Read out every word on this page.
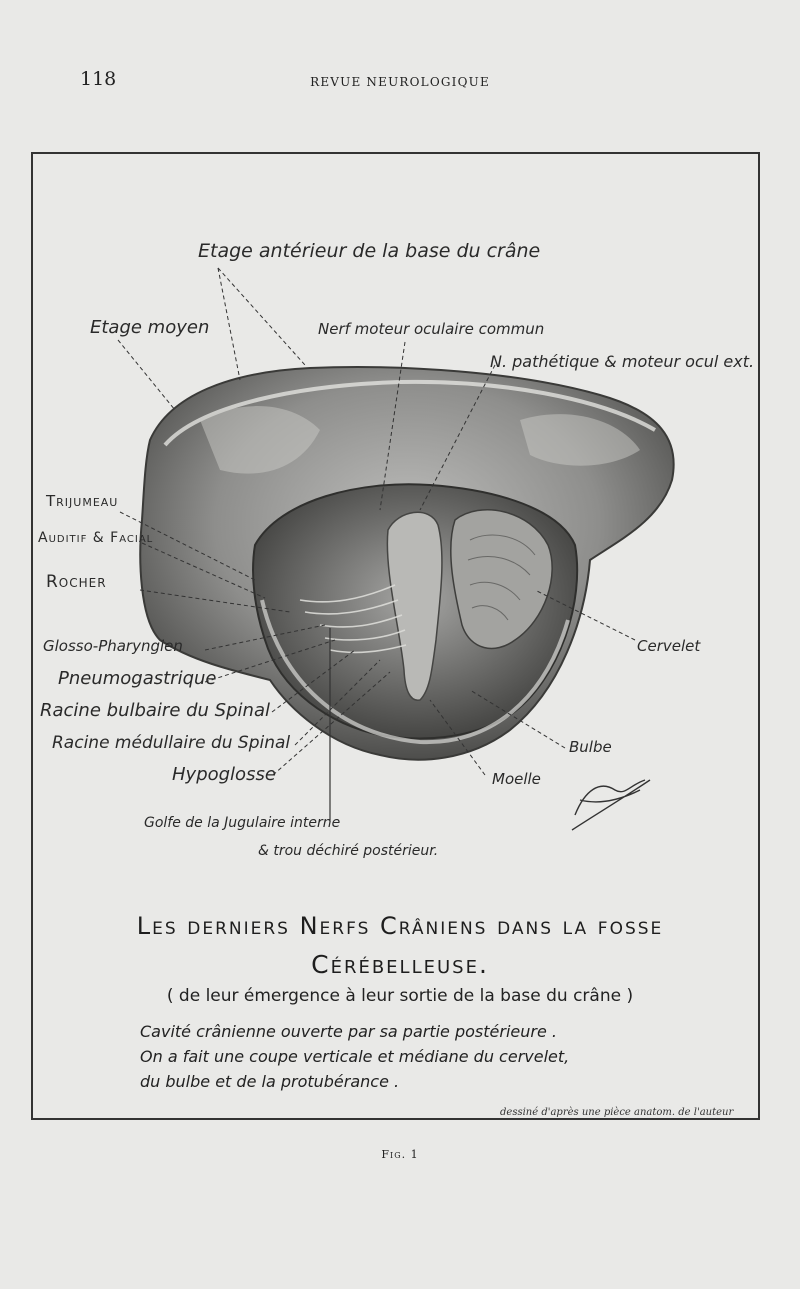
118	REVUE NEUROLOGIQUE
Etage antérieur de la base du crâne
Etage moyen	Nerf moteur oculaire commun
N. pathétique & moteur ocul ext.
Trijumeau
Auditif & Facial
Rocher
Glosso-Pharyngien
Pneumogastrique
Racine bulbaire du Spinal
Racine médullaire du Spinal
Hypoglosse
Golfe de la Jugulaire interne
& trou déchiré postérieur.
Cervelet
Bulbe
Moelle
Les derniers Nerfs Crâniens dans la fosse
Cérébelleuse.
( de leur émergence à leur sortie de la base du crâne )
Cavité crânienne ouverte par sa partie postérieure .
On a fait une coupe verticale et médiane du cervelet,
du bulbe et de la protubérance .
dessiné d'après une pièce anatom. de l'auteur
Fig. 1
